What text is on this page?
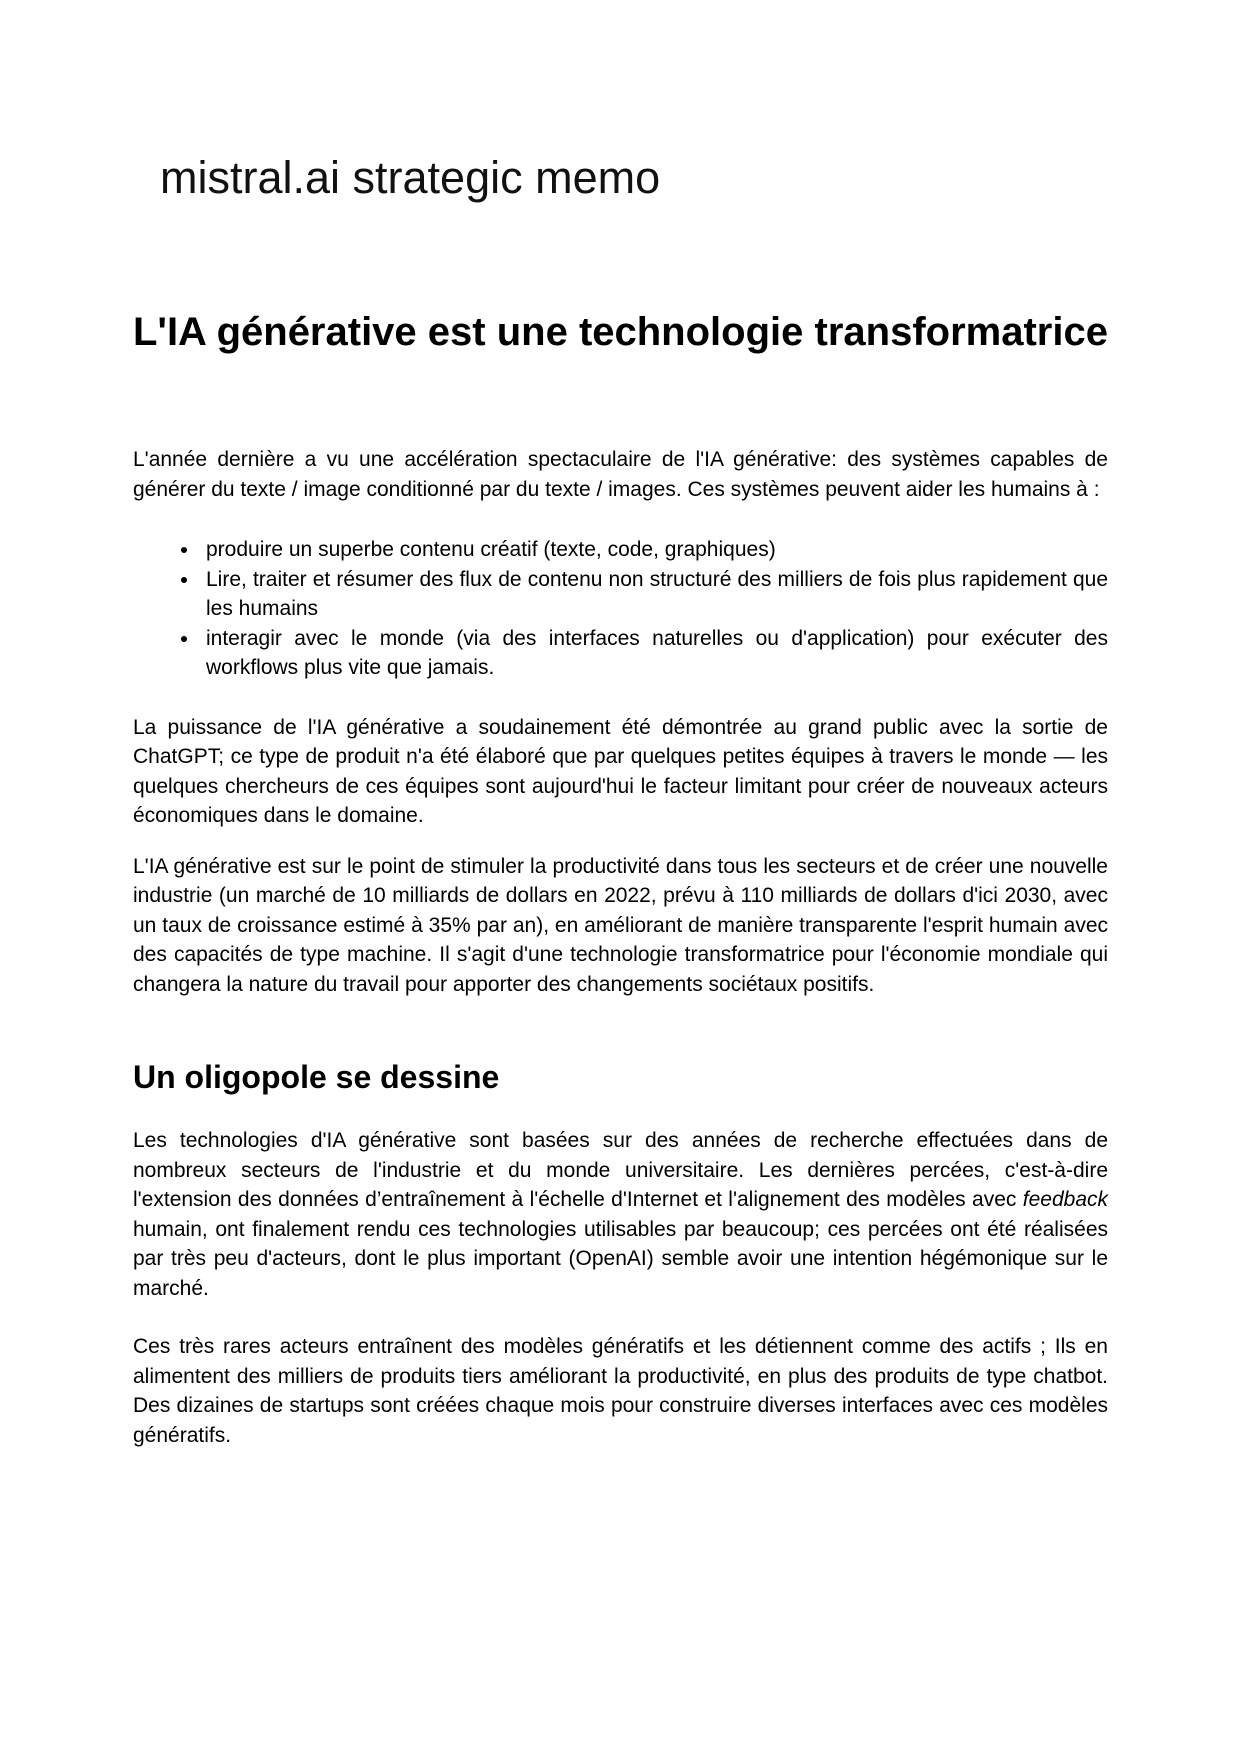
mistral.ai strategic memo
L'IA générative est une technologie transformatrice

L'année dernière a vu une accélération spectaculaire de l'IA générative: des systèmes capables de générer du texte / image conditionné par du texte / images. Ces systèmes peuvent aider les humains à :

• produire un superbe contenu créatif (texte, code, graphiques)
• Lire, traiter et résumer des flux de contenu non structuré des milliers de fois plus rapidement que les humains
• interagir avec le monde (via des interfaces naturelles ou d'application) pour exécuter des workflows plus vite que jamais.

La puissance de l'IA générative a soudainement été démontrée au grand public avec la sortie de ChatGPT; ce type de produit n'a été élaboré que par quelques petites équipes à travers le monde — les quelques chercheurs de ces équipes sont aujourd'hui le facteur limitant pour créer de nouveaux acteurs économiques dans le domaine.

L'IA générative est sur le point de stimuler la productivité dans tous les secteurs et de créer une nouvelle industrie (un marché de 10 milliards de dollars en 2022, prévu à 110 milliards de dollars d'ici 2030, avec un taux de croissance estimé à 35% par an), en améliorant de manière transparente l'esprit humain avec des capacités de type machine. Il s'agit d'une technologie transformatrice pour l'économie mondiale qui changera la nature du travail pour apporter des changements sociétaux positifs.

Un oligopole se dessine

Les technologies d'IA générative sont basées sur des années de recherche effectuées dans de nombreux secteurs de l'industrie et du monde universitaire. Les dernières percées, c'est-à-dire l'extension des données d’entraînement à l'échelle d'Internet et l'alignement des modèles avec feedback humain, ont finalement rendu ces technologies utilisables par beaucoup; ces percées ont été réalisées par très peu d'acteurs, dont le plus important (OpenAI) semble avoir une intention hégémonique sur le marché.

Ces très rares acteurs entraînent des modèles génératifs et les détiennent comme des actifs ; Ils en alimentent des milliers de produits tiers améliorant la productivité, en plus des produits de type chatbot. Des dizaines de startups sont créées chaque mois pour construire diverses interfaces avec ces modèles génératifs.
